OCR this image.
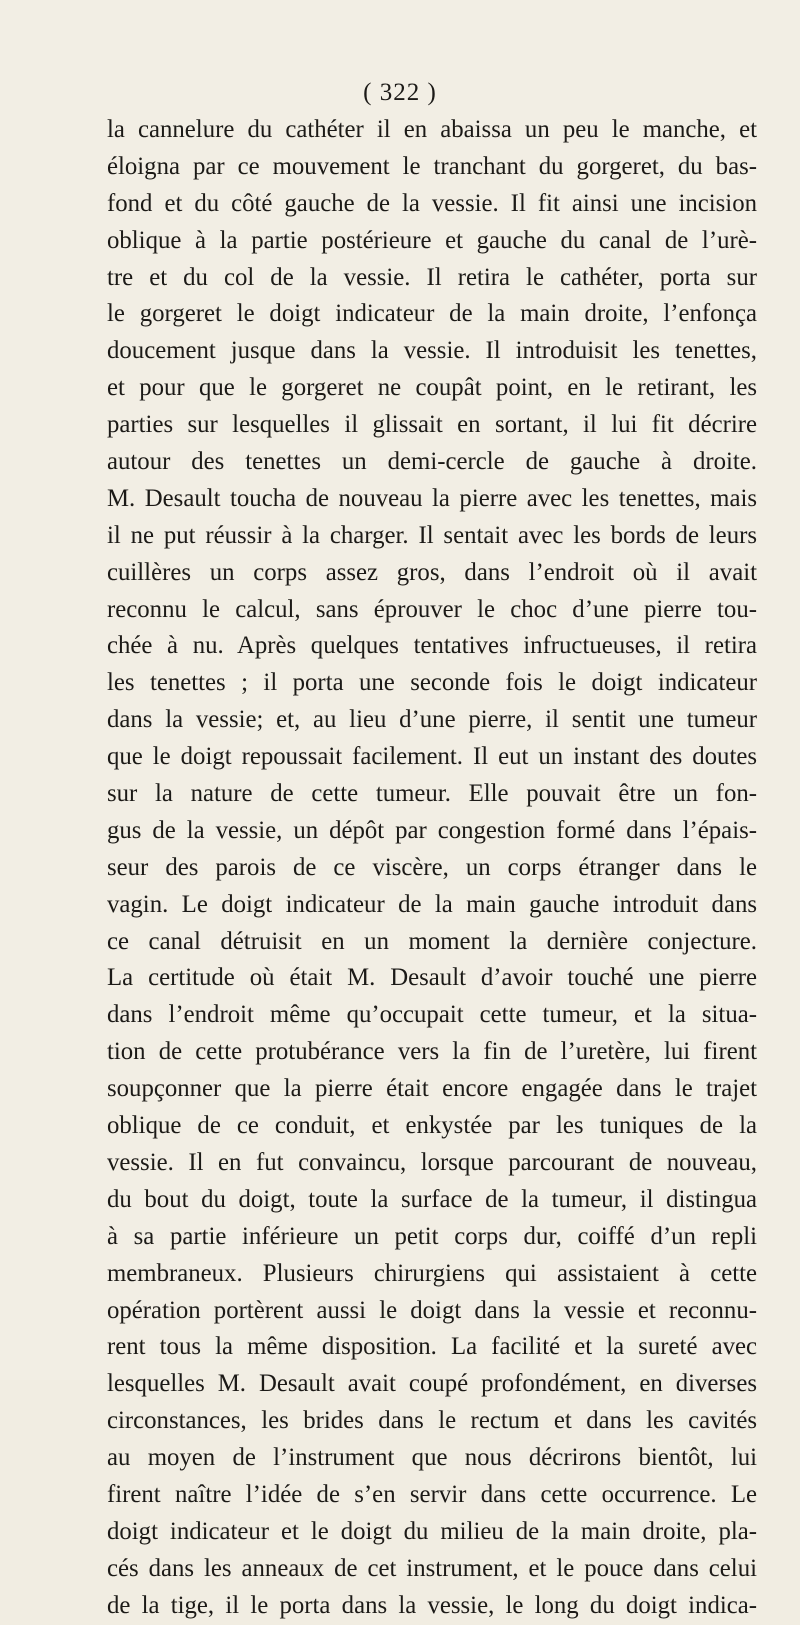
( 322 )
la cannelure du cathéter il en abaissa un peu le manche, et
éloigna par ce mouvement le tranchant du gorgeret, du bas-
fond et du côté gauche de la vessie. Il fit ainsi une incision
oblique à la partie postérieure et gauche du canal de l’urè-
tre et du col de la vessie. Il retira le cathéter, porta sur
le gorgeret le doigt indicateur de la main droite, l’enfonça
doucement jusque dans la vessie. Il introduisit les tenettes,
et pour que le gorgeret ne coupât point, en le retirant, les
parties sur lesquelles il glissait en sortant, il lui fit décrire
autour des tenettes un demi-cercle de gauche à droite.
M. Desault toucha de nouveau la pierre avec les tenettes, mais
il ne put réussir à la charger. Il sentait avec les bords de leurs
cuillères un corps assez gros, dans l’endroit où il avait
reconnu le calcul, sans éprouver le choc d’une pierre tou-
chée à nu. Après quelques tentatives infructueuses, il retira
les tenettes ; il porta une seconde fois le doigt indicateur
dans la vessie; et, au lieu d’une pierre, il sentit une tumeur
que le doigt repoussait facilement. Il eut un instant des doutes
sur la nature de cette tumeur. Elle pouvait être un fon-
gus de la vessie, un dépôt par congestion formé dans l’épais-
seur des parois de ce viscère, un corps étranger dans le
vagin. Le doigt indicateur de la main gauche introduit dans
ce canal détruisit en un moment la dernière conjecture.
La certitude où était M. Desault d’avoir touché une pierre
dans l’endroit même qu’occupait cette tumeur, et la situa-
tion de cette protubérance vers la fin de l’uretère, lui firent
soupçonner que la pierre était encore engagée dans le trajet
oblique de ce conduit, et enkystée par les tuniques de la
vessie. Il en fut convaincu, lorsque parcourant de nouveau,
du bout du doigt, toute la surface de la tumeur, il distingua
à sa partie inférieure un petit corps dur, coiffé d’un repli
membraneux. Plusieurs chirurgiens qui assistaient à cette
opération portèrent aussi le doigt dans la vessie et reconnu-
rent tous la même disposition. La facilité et la sureté avec
lesquelles M. Desault avait coupé profondément, en diverses
circonstances, les brides dans le rectum et dans les cavités
au moyen de l’instrument que nous décrirons bientôt, lui
firent naître l’idée de s’en servir dans cette occurrence. Le
doigt indicateur et le doigt du milieu de la main droite, pla-
cés dans les anneaux de cet instrument, et le pouce dans celui
de la tige, il le porta dans la vessie, le long du doigt indica-
